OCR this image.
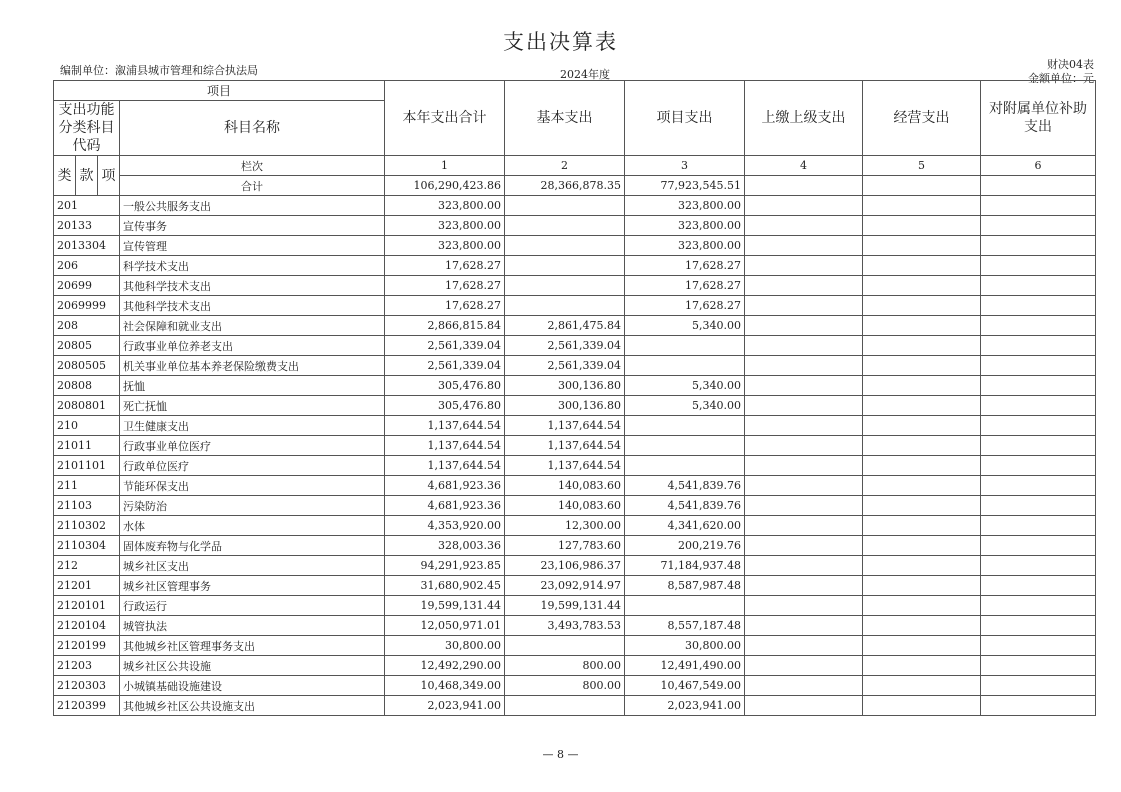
支出决算表
编制单位：溆浦县城市管理和综合执法局	2024年度
财决04表
金额单位：元
项目				本年支出合计	基本支出	项目支出	上缴上级支出	经营支出	对附属单位补助支出
支出功能分类科目代码			科目名称						

类	款	项	栏次	1	2	3	4	5	6
			合计	106,290,423.86	28,366,878.35	77,923,545.51			
201			一般公共服务支出	323,800.00		323,800.00			
20133			宣传事务	323,800.00		323,800.00			
2013304			宣传管理	323,800.00		323,800.00			
206			科学技术支出	17,628.27		17,628.27			
20699			其他科学技术支出	17,628.27		17,628.27			
2069999			其他科学技术支出	17,628.27		17,628.27			
208			社会保障和就业支出	2,866,815.84	2,861,475.84	5,340.00			
20805			行政事业单位养老支出	2,561,339.04	2,561,339.04				
2080505			机关事业单位基本养老保险缴费支出	2,561,339.04	2,561,339.04				
20808			抚恤	305,476.80	300,136.80	5,340.00			
2080801			死亡抚恤	305,476.80	300,136.80	5,340.00			
210			卫生健康支出	1,137,644.54	1,137,644.54				
21011			行政事业单位医疗	1,137,644.54	1,137,644.54				
2101101			行政单位医疗	1,137,644.54	1,137,644.54				
211			节能环保支出	4,681,923.36	140,083.60	4,541,839.76			
21103			污染防治	4,681,923.36	140,083.60	4,541,839.76			
2110302			水体	4,353,920.00	12,300.00	4,341,620.00			
2110304			固体废弃物与化学品	328,003.36	127,783.60	200,219.76			
212			城乡社区支出	94,291,923.85	23,106,986.37	71,184,937.48			
21201			城乡社区管理事务	31,680,902.45	23,092,914.97	8,587,987.48			
2120101			行政运行	19,599,131.44	19,599,131.44				
2120104			城管执法	12,050,971.01	3,493,783.53	8,557,187.48			
2120199			其他城乡社区管理事务支出	30,800.00		30,800.00			
21203			城乡社区公共设施	12,492,290.00	800.00	12,491,490.00			
2120303			小城镇基础设施建设	10,468,349.00	800.00	10,467,549.00			
2120399			其他城乡社区公共设施支出	2,023,941.00		2,023,941.00			
— 8 —
